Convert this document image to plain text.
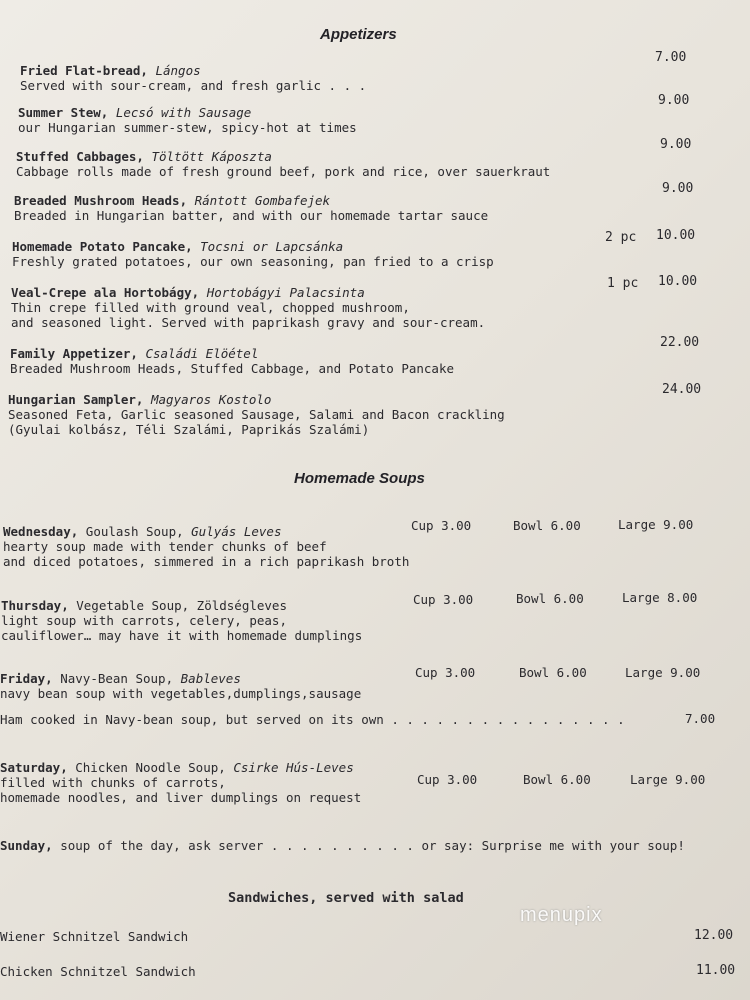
Appetizers
Fried Flat-bread, Lángos
Served with sour-cream, and fresh garlic . . .
7.00
Summer Stew, Lecsó with Sausage
our Hungarian summer-stew, spicy-hot at times
9.00
Stuffed Cabbages, Töltött Káposzta
Cabbage rolls made of fresh ground beef, pork and rice, over sauerkraut
9.00
Breaded Mushroom Heads, Rántott Gombafejek
Breaded in Hungarian batter, and with our homemade tartar sauce
9.00
Homemade Potato Pancake, Tocsni or Lapcsánka
Freshly grated potatoes, our own seasoning, pan fried to a crisp
2 pc 10.00
Veal-Crepe ala Hortobágy, Hortobágyi Palacsinta
Thin crepe filled with ground veal, chopped mushroom,
and seasoned light. Served with paprikash gravy and sour-cream.
1 pc 10.00
Family Appetizer, Családi Elöétel
Breaded Mushroom Heads, Stuffed Cabbage, and Potato Pancake
22.00
Hungarian Sampler, Magyaros Kostolo
Seasoned Feta, Garlic seasoned Sausage, Salami and Bacon crackling
(Gyulai kolbász, Téli Szalámi, Paprikás Szalámi)
24.00
Homemade Soups
Wednesday, Goulash Soup, Gulyás Leves
hearty soup made with tender chunks of beef
and diced potatoes, simmered in a rich paprikash broth
Cup 3.00	Bowl 6.00	Large 9.00
Thursday, Vegetable Soup, Zöldségleves
light soup with carrots, celery, peas,
cauliflower… may have it with homemade dumplings
Cup 3.00	Bowl 6.00	Large 8.00
Friday, Navy-Bean Soup, Bableves
navy bean soup with vegetables,dumplings,sausage
Cup 3.00	Bowl 6.00	Large 9.00
Ham cooked in Navy-bean soup, but served on its own . . . . . . . . . . . . . . . .	7.00
Saturday, Chicken Noodle Soup, Csirke Hús-Leves
filled with chunks of carrots,
homemade noodles, and liver dumplings on request
Cup 3.00	Bowl 6.00	Large 9.00
Sunday, soup of the day, ask server . . . . . . . . . . or say: Surprise me with your soup!
Sandwiches, served with salad
Wiener Schnitzel Sandwich	12.00
Chicken Schnitzel Sandwich	11.00
menupix
